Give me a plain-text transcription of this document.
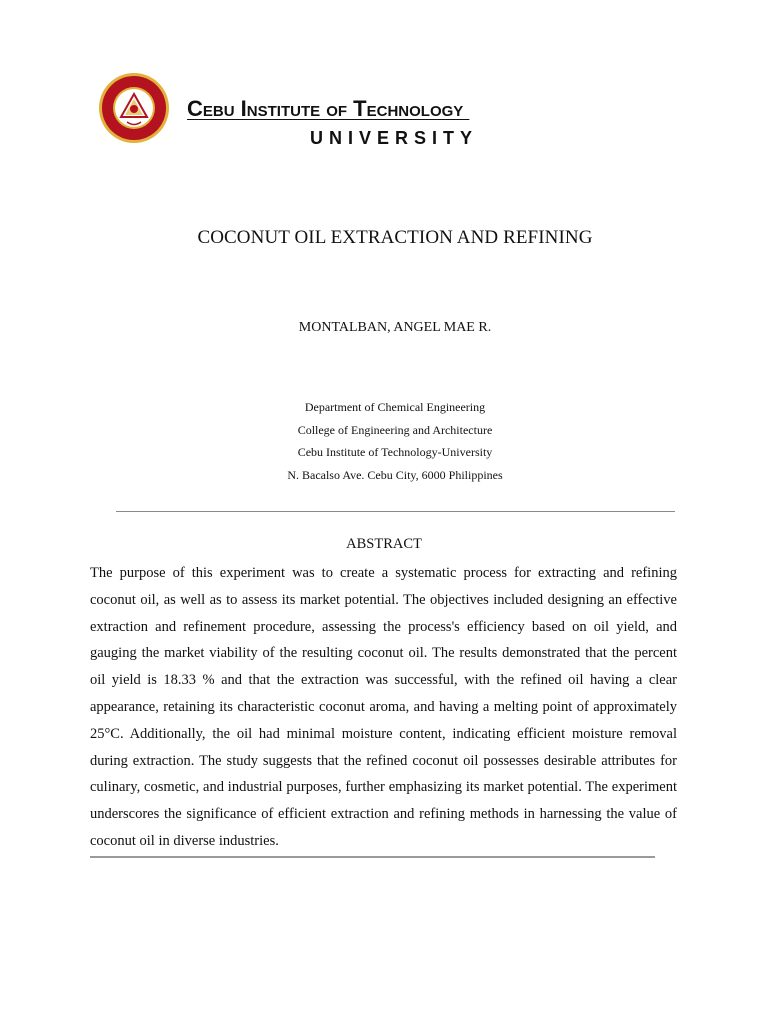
Cebu Institute of Technology
UNIVERSITY
COCONUT OIL EXTRACTION AND REFINING
MONTALBAN, ANGEL MAE R.
Department of Chemical Engineering
College of Engineering and Architecture
Cebu Institute of Technology-University
N. Bacalso Ave. Cebu City, 6000 Philippines
ABSTRACT

The purpose of this experiment was to create a systematic process for extracting and refining coconut oil, as well as to assess its market potential. The objectives included designing an effective extraction and refinement procedure, assessing the process's efficiency based on oil yield, and gauging the market viability of the resulting coconut oil. The results demonstrated that the percent oil yield is 18.33 % and that the extraction was successful, with the refined oil having a clear appearance, retaining its characteristic coconut aroma, and having a melting point of approximately 25°C. Additionally, the oil had minimal moisture content, indicating efficient moisture removal during extraction. The study suggests that the refined coconut oil possesses desirable attributes for culinary, cosmetic, and industrial purposes, further emphasizing its market potential. The experiment underscores the significance of efficient extraction and refining methods in harnessing the value of coconut oil in diverse industries.
